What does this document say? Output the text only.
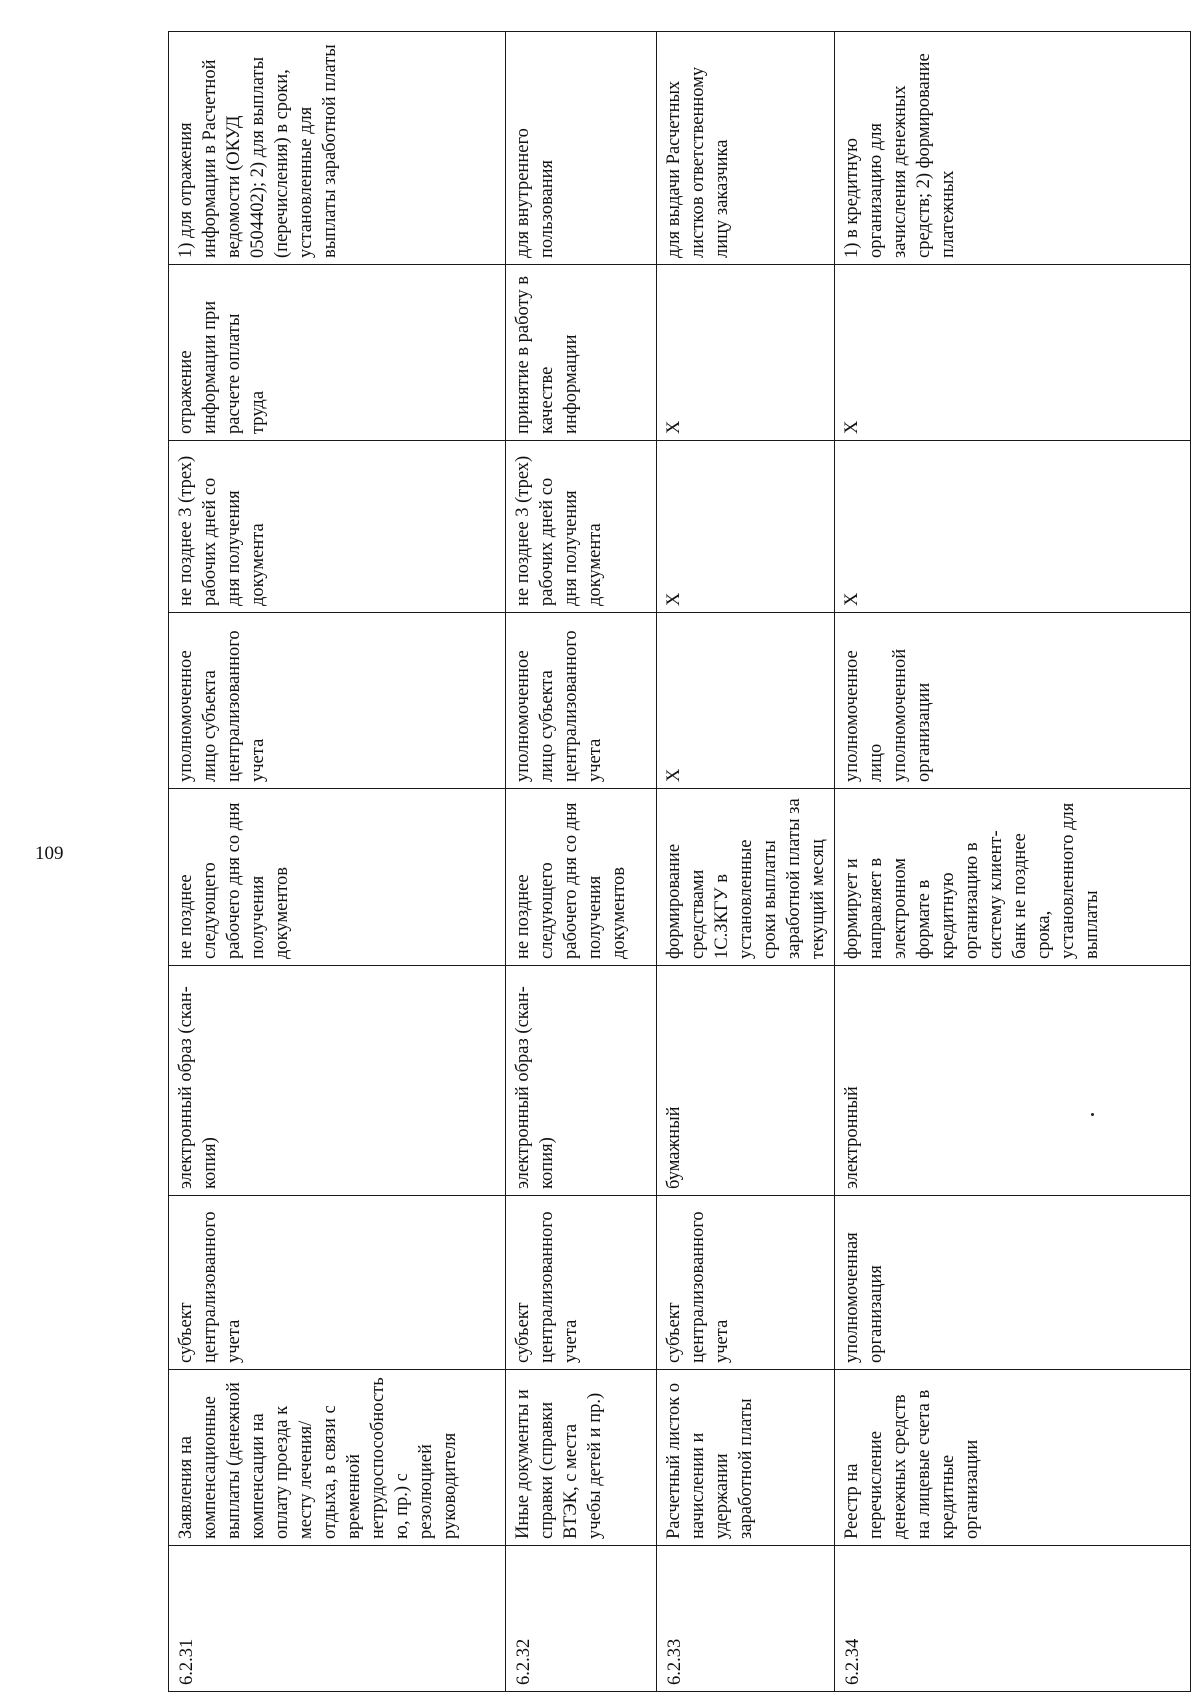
109
6.2.31	Заявления на компенсационные выплаты (денежной компенсации на оплату проезда к месту лечения/ отдыха, в связи с временной нетрудоспособность ю, пр.) с резолюцией руководителя	субъект централизованного учета	электронный образ (скан-копия)	не позднее следующего рабочего дня со дня получения документов	уполномоченное лицо субъекта централизованного учета	не позднее 3 (трех) рабочих дней со дня получения документа	отражение информации при расчете оплаты труда	1) для отражения информации в Расчетной ведомости (ОКУД 0504402); 2) для выплаты (перечисления) в сроки, установленные для выплаты заработной платы
6.2.32	Иные документы и справки (справки ВТЭК, с места учебы детей и пр.)	субъект централизованного учета	электронный образ (скан-копия)	не позднее следующего рабочего дня со дня получения документов	уполномоченное лицо субъекта централизованного учета	не позднее 3 (трех) рабочих дней со дня получения документа	принятие в работу в качестве информации	для внутреннего пользования
6.2.33	Расчетный листок о начислении и удержании заработной платы	субъект централизованного учета	бумажный	формирование средствами 1С.ЗКГУ в установленные сроки выплаты заработной платы за текущий месяц	Х	Х	Х	для выдачи Расчетных листков ответственному лицу заказчика
6.2.34	Реестр на перечисление денежных средств на лицевые счета в кредитные организации	уполномоченная организация	электронный	формирует и направляет в электронном формате в кредитную организацию в систему клиент-банк не позднее срока, установленного для выплаты	уполномоченное лицо уполномоченной организации	Х	Х	1) в кредитную организацию для зачисления денежных средств; 2) формирование платежных
